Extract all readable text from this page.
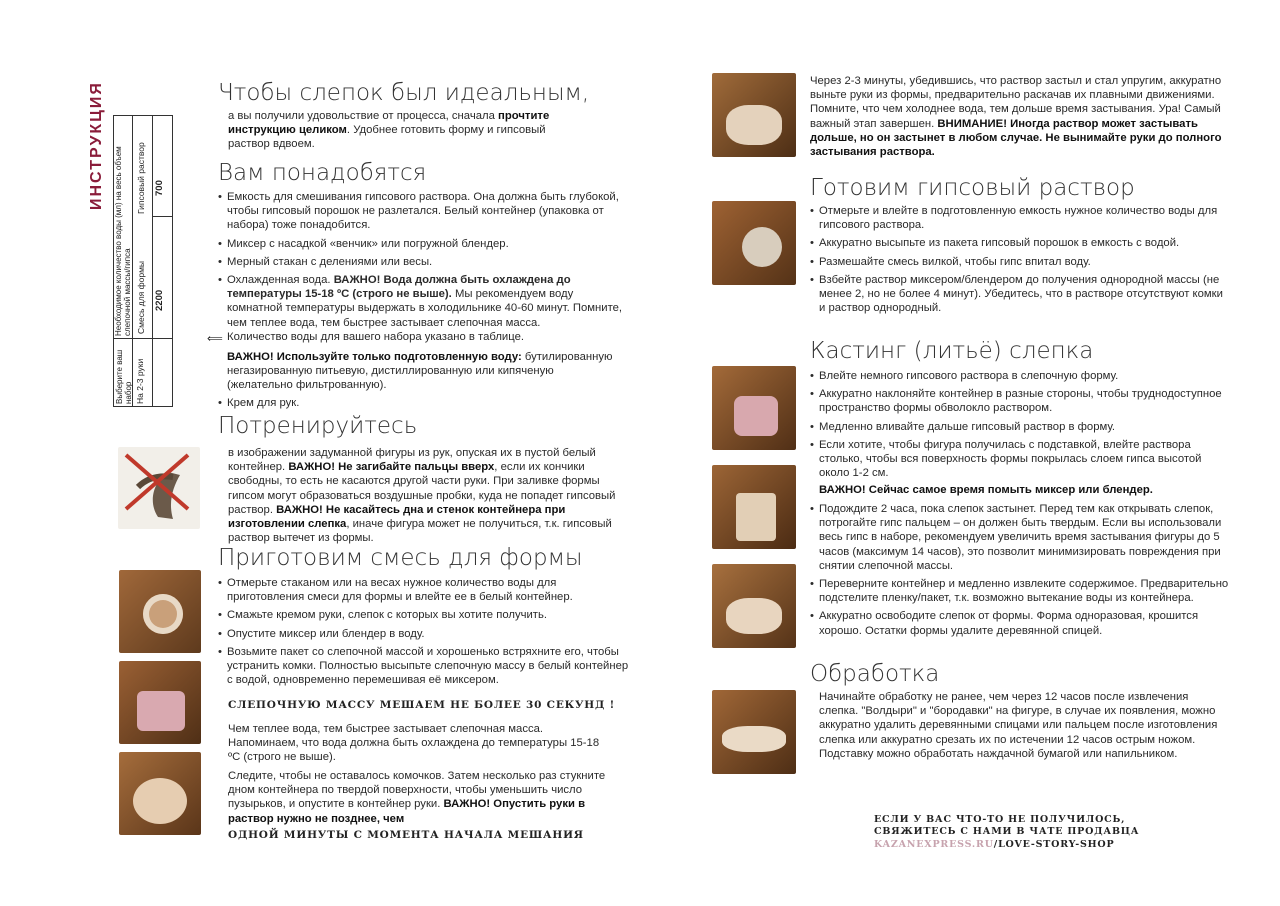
ИНСТРУКЦИЯ
Необходимое количество воды (мл) на весь объем слепочной массы/гипса
Выберите ваш набор На 2-3 руки
Смесь для формы 2200
Гипсовый раствор 700
Чтобы слепок был идеальным,
а вы получили удовольствие от процесса, сначала прочтите инструкцию целиком. Удобнее готовить форму и гипсовый раствор вдвоем.
Вам понадобятся
• Емкость для смешивания гипсового раствора. Она должна быть глубокой, чтобы гипсовый порошок не разлетался. Белый контейнер (упаковка от набора) тоже понадобится.
• Миксер с насадкой «венчик» или погружной блендер.
• Мерный стакан с делениями или весы.
• Охлажденная вода. ВАЖНО! Вода должна быть охлаждена до температуры 15-18 ºС (строго не выше). Мы рекомендуем воду комнатной температуры выдержать в холодильнике 40-60 минут. Помните, чем теплее вода, тем быстрее застывает слепочная масса.
⟸ Количество воды для вашего набора указано в таблице.
ВАЖНО! Используйте только подготовленную воду: бутилированную негазированную питьевую, дистиллированную или кипяченую (желательно фильтрованную).
• Крем для рук.
Потренируйтесь
в изображении задуманной фигуры из рук, опуская их в пустой белый контейнер. ВАЖНО! Не загибайте пальцы вверх, если их кончики свободны, то есть не касаются другой части руки. При заливке формы гипсом могут образоваться воздушные пробки, куда не попадет гипсовый раствор. ВАЖНО! Не касайтесь дна и стенок контейнера при изготовлении слепка, иначе фигура может не получиться, т.к. гипсовый раствор вытечет из формы.
Приготовим смесь для формы
• Отмерьте стаканом или на весах нужное количество воды для приготовления смеси для формы и влейте ее в белый контейнер.
• Смажьте кремом руки, слепок с которых вы хотите получить.
• Опустите миксер или блендер в воду.
• Возьмите пакет со слепочной массой и хорошенько встряхните его, чтобы устранить комки. Полностью высыпьте слепочную массу в белый контейнер с водой, одновременно перемешивая её миксером.
СЛЕПОЧНУЮ МАССУ МЕШАЕМ НЕ БОЛЕЕ 30 СЕКУНД !
Чем теплее вода, тем быстрее застывает слепочная масса. Напоминаем, что вода должна быть охлаждена до температуры 15-18 ºС (строго не выше).
Следите, чтобы не оставалось комочков. Затем несколько раз стукните дном контейнера по твердой поверхности, чтобы уменьшить число пузырьков, и опустите в контейнер руки. ВАЖНО! Опустить руки в раствор нужно не позднее, чем
ОДНОЙ МИНУТЫ С МОМЕНТА НАЧАЛА МЕШАНИЯ
Через 2-3 минуты, убедившись, что раствор застыл и стал упругим, аккуратно выньте руки из формы, предварительно раскачав их плавными движениями. Помните, что чем холоднее вода, тем дольше время застывания. Ура! Самый важный этап завершен. ВНИМАНИЕ! Иногда раствор может застывать дольше, но он застынет в любом случае. Не вынимайте руки до полного застывания раствора.
Готовим гипсовый раствор
• Отмерьте и влейте в подготовленную емкость нужное количество воды для гипсового раствора.
• Аккуратно высыпьте из пакета гипсовый порошок в емкость с водой.
• Размешайте смесь вилкой, чтобы гипс впитал воду.
• Взбейте раствор миксером/блендером до получения однородной массы (не менее 2, но не более 4 минут). Убедитесь, что в растворе отсутствуют комки и раствор однородный.
Кастинг (литьё) слепка
• Влейте немного гипсового раствора в слепочную форму.
• Аккуратно наклоняйте контейнер в разные стороны, чтобы труднодоступное пространство формы обволокло раствором.
• Медленно вливайте дальше гипсовый раствор в форму.
• Если хотите, чтобы фигура получилась с подставкой, влейте раствора столько, чтобы вся поверхность формы покрылась слоем гипса высотой около 1-2 см.
ВАЖНО! Сейчас самое время помыть миксер или блендер.
• Подождите 2 часа, пока слепок застынет. Перед тем как открывать слепок, потрогайте гипс пальцем – он должен быть твердым. Если вы использовали весь гипс в наборе, рекомендуем увеличить время застывания фигуры до 5 часов (максимум 14 часов), это позволит минимизировать повреждения при снятии слепочной массы.
• Переверните контейнер и медленно извлеките содержимое. Предварительно подстелите пленку/пакет, т.к. возможно вытекание воды из контейнера.
• Аккуратно освободите слепок от формы. Форма одноразовая, крошится хорошо. Остатки формы удалите деревянной спицей.
Обработка
Начинайте обработку не ранее, чем через 12 часов после извлечения слепка. "Волдыри" и "бородавки" на фигуре, в случае их появления, можно аккуратно удалить деревянными спицами или пальцем после изготовления слепка или аккуратно срезать их по истечении 12 часов острым ножом. Подставку можно обработать наждачной бумагой или напильником.
ЕСЛИ У ВАС ЧТО-ТО НЕ ПОЛУЧИЛОСЬ,
СВЯЖИТЕСЬ С НАМИ В ЧАТЕ ПРОДАВЦА
KAZANEXPRESS.RU/LOVE-STORY-SHOP
